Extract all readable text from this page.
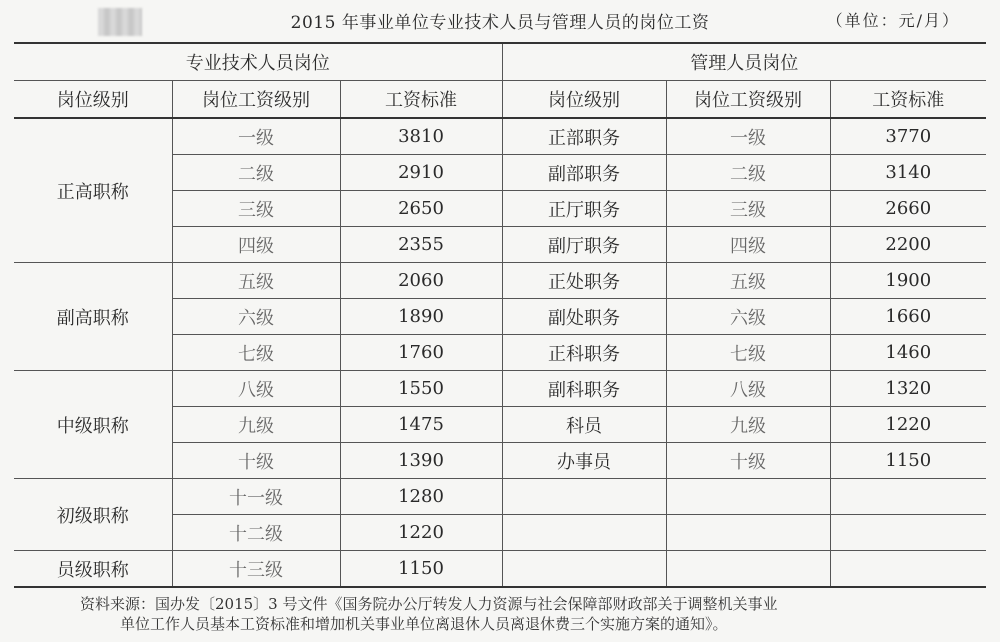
2015 年事业单位专业技术人员与管理人员的岗位工资	（单位：元/月）
专业技术人员岗位			管理人员岗位		
岗位级别	岗位工资级别	工资标准	岗位级别	岗位工资级别	工资标准
正高职称	一级	3810	正部职务	一级	3770
	二级	2910	副部职务	二级	3140
	三级	2650	正厅职务	三级	2660
	四级	2355	副厅职务	四级	2200
副高职称	五级	2060	正处职务	五级	1900
	六级	1890	副处职务	六级	1660
	七级	1760	正科职务	七级	1460
中级职称	八级	1550	副科职务	八级	1320
	九级	1475	科员	九级	1220
	十级	1390	办事员	十级	1150
初级职称	十一级	1280			
	十二级	1220			
员级职称	十三级	1150			
资料来源：国办发〔2015〕3 号文件《国务院办公厅转发人力资源与社会保障部财政部关于调整机关事业
单位工作人员基本工资标准和增加机关事业单位离退休人员离退休费三个实施方案的通知》。
